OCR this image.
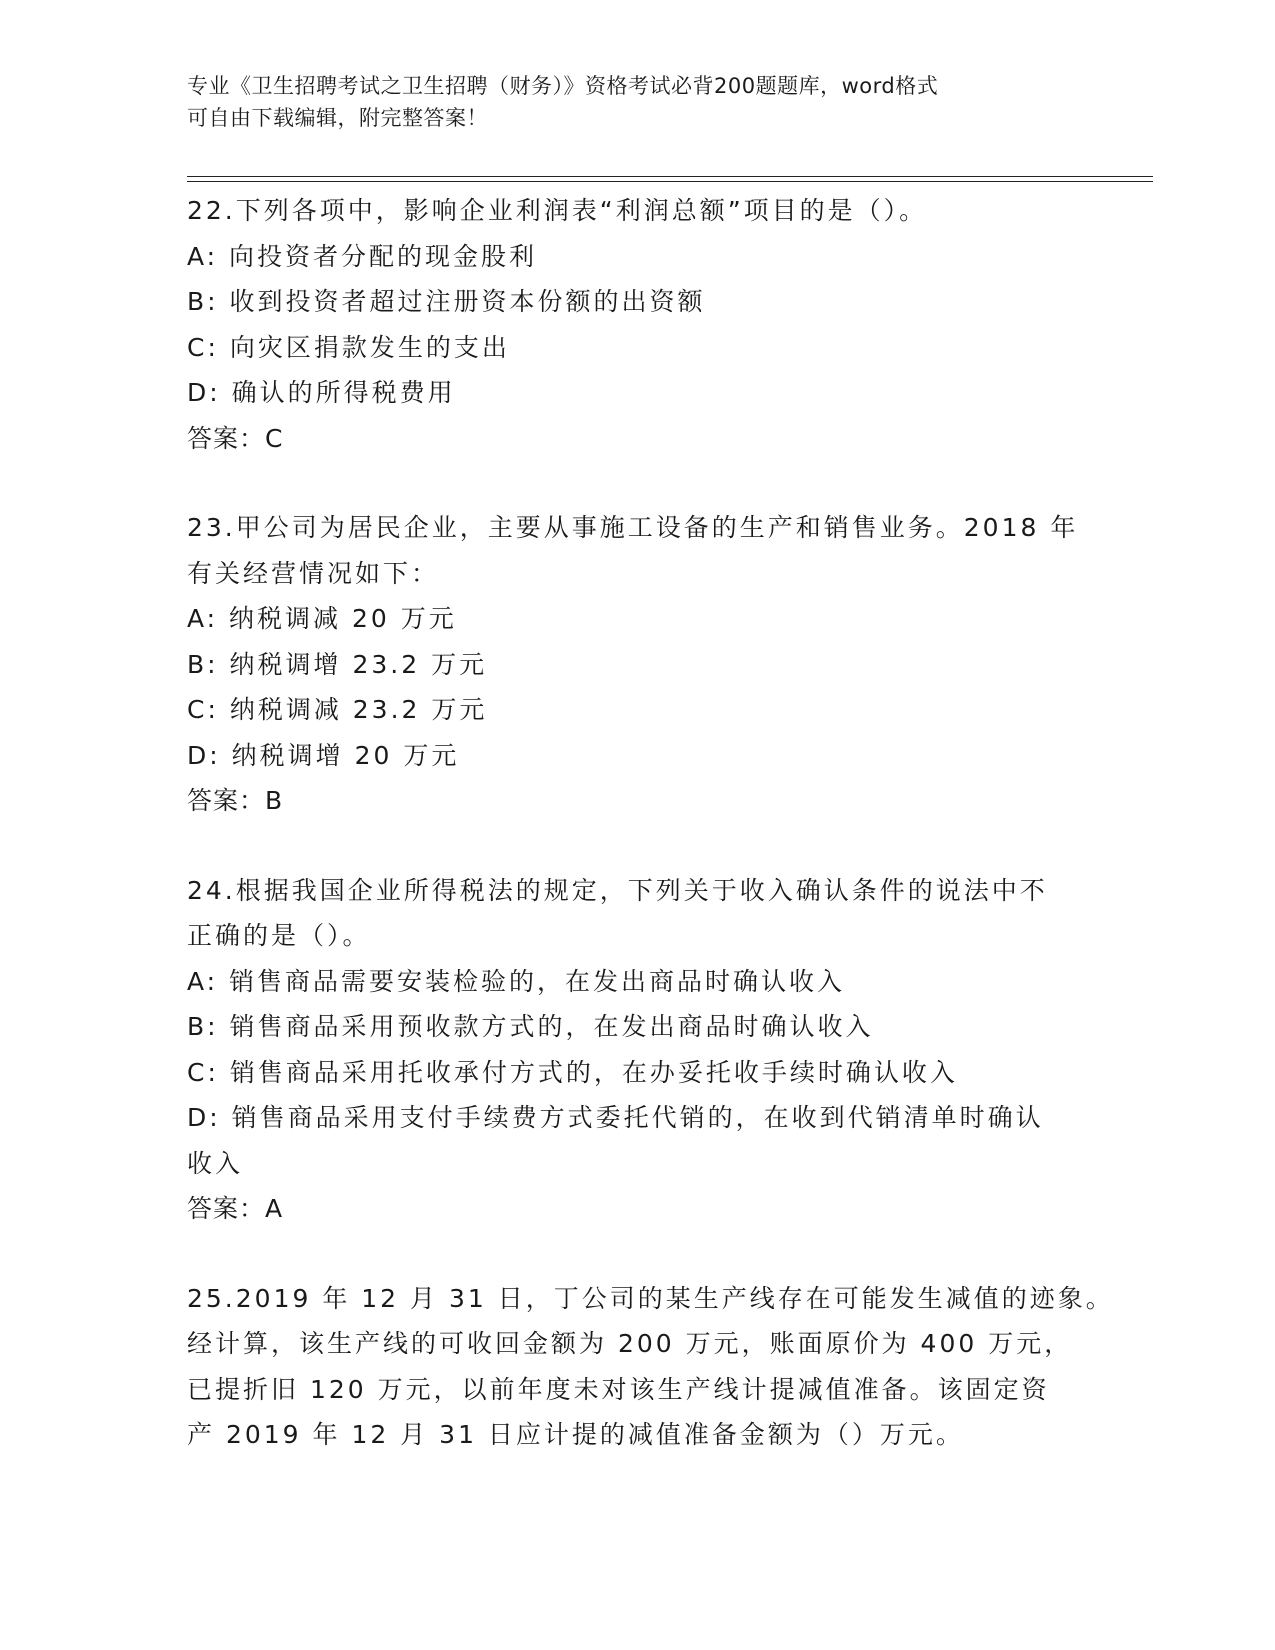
专业《卫生招聘考试之卫生招聘（财务）》资格考试必背200题题库，word格式
可自由下载编辑，附完整答案！
22.下列各项中，影响企业利润表“利润总额”项目的是（）。
A: 向投资者分配的现金股利
B: 收到投资者超过注册资本份额的出资额
C: 向灾区捐款发生的支出
D: 确认的所得税费用
答案：C
23.甲公司为居民企业，主要从事施工设备的生产和销售业务。2018 年
有关经营情况如下：
A: 纳税调减 20 万元
B: 纳税调增 23.2 万元
C: 纳税调减 23.2 万元
D: 纳税调增 20 万元
答案：B
24.根据我国企业所得税法的规定，下列关于收入确认条件的说法中不
正确的是（）。
A: 销售商品需要安装检验的，在发出商品时确认收入
B: 销售商品采用预收款方式的，在发出商品时确认收入
C: 销售商品采用托收承付方式的，在办妥托收手续时确认收入
D: 销售商品采用支付手续费方式委托代销的，在收到代销清单时确认
收入
答案：A
25.2019 年 12 月 31 日，丁公司的某生产线存在可能发生减值的迹象。
经计算，该生产线的可收回金额为 200 万元，账面原价为 400 万元，
已提折旧 120 万元，以前年度未对该生产线计提减值准备。该固定资
产 2019 年 12 月 31 日应计提的减值准备金额为（）万元。
